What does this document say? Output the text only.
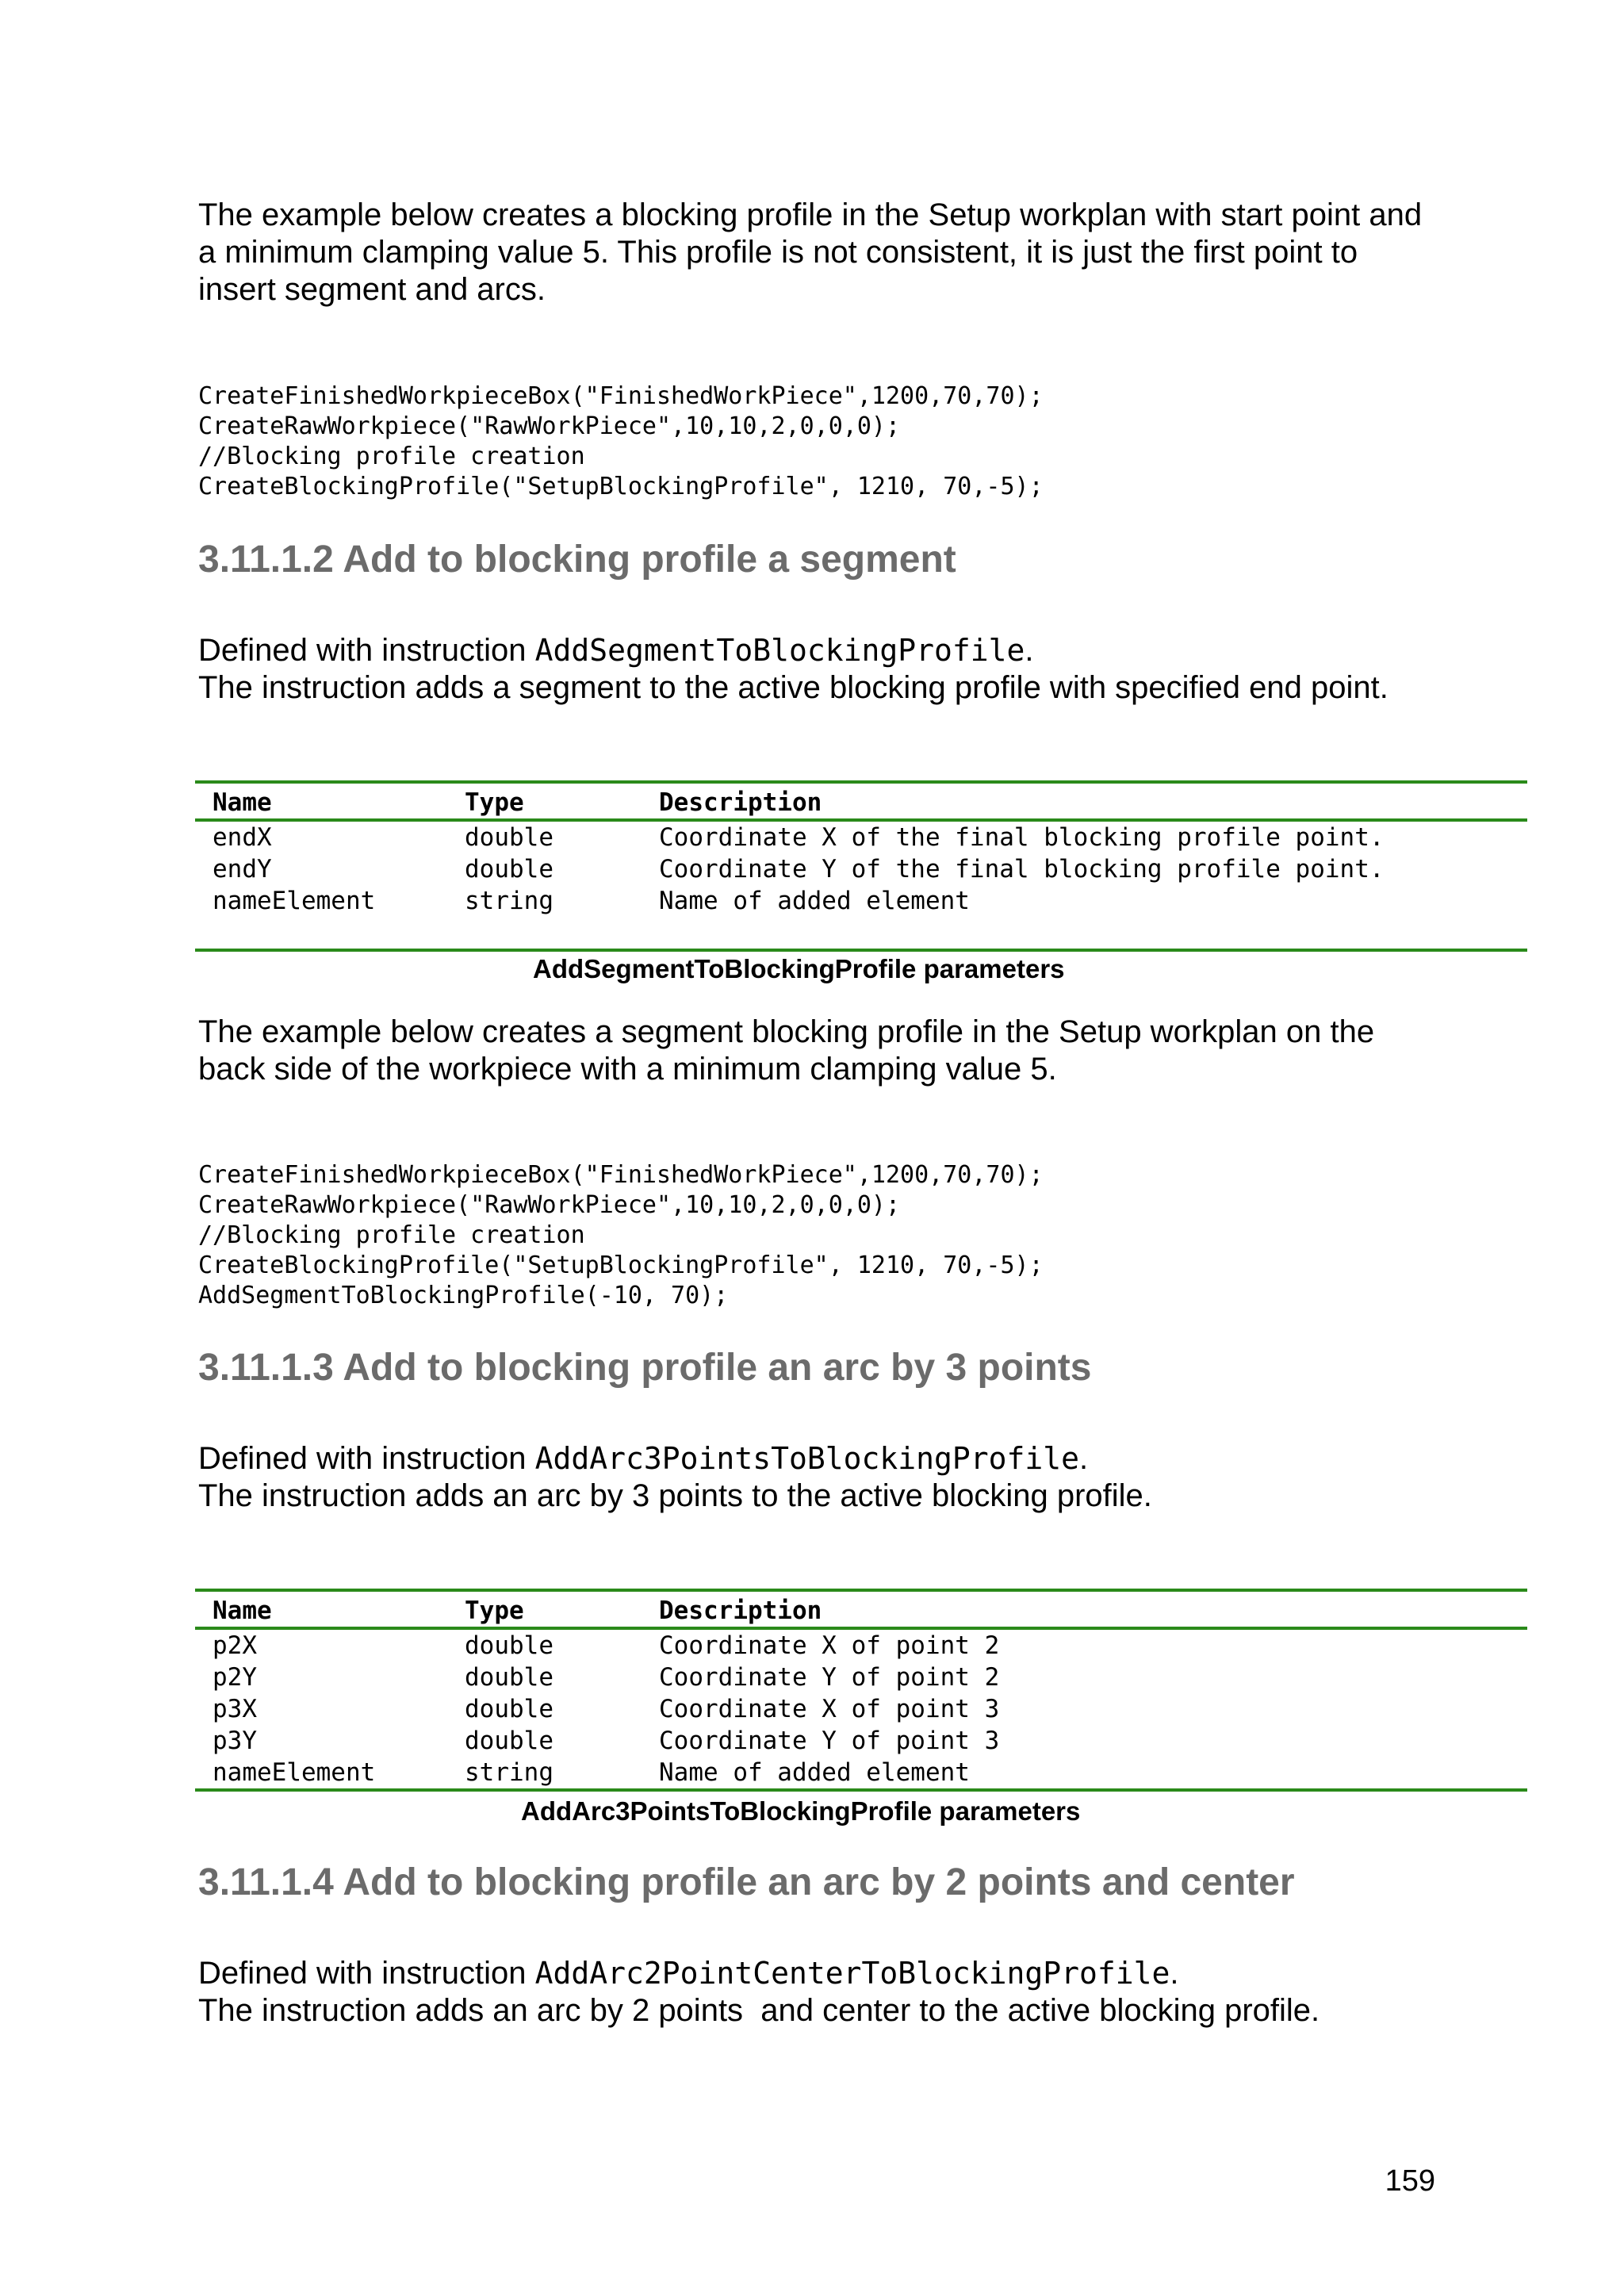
The example below creates a blocking profile in the Setup workplan with start point and a minimum clamping value 5. This profile is not consistent, it is just the first point to insert segment and arcs.

CreateFinishedWorkpieceBox("FinishedWorkPiece",1200,70,70);
CreateRawWorkpiece("RawWorkPiece",10,10,2,0,0,0);
//Blocking profile creation
CreateBlockingProfile("SetupBlockingProfile", 1210, 70,-5);
3.11.1.2 Add to blocking profile a segment

Defined with instruction AddSegmentToBlockingProfile.

The instruction adds a segment to the active blocking profile with specified end point.

Name	Type	Description
endX	double	Coordinate X of the final blocking profile point.
endY	double	Coordinate Y of the final blocking profile point.
nameElement	string	Name of added element
AddSegmentToBlockingProfile parameters

The example below creates a segment blocking profile in the Setup workplan on the back side of the workpiece with a minimum clamping value 5.

CreateFinishedWorkpieceBox("FinishedWorkPiece",1200,70,70);
CreateRawWorkpiece("RawWorkPiece",10,10,2,0,0,0);
//Blocking profile creation
CreateBlockingProfile("SetupBlockingProfile", 1210, 70,-5);
AddSegmentToBlockingProfile(-10, 70);
3.11.1.3 Add to blocking profile an arc by 3 points

Defined with instruction AddArc3PointsToBlockingProfile.

The instruction adds an arc by 3 points to the active blocking profile.

Name	Type	Description
p2X	double	Coordinate X of point 2
p2Y	double	Coordinate Y of point 2
p3X	double	Coordinate X of point 3
p3Y	double	Coordinate Y of point 3
nameElement	string	Name of added element
AddArc3PointsToBlockingProfile parameters
3.11.1.4 Add to blocking profile an arc by 2 points and center

Defined with instruction AddArc2PointCenterToBlockingProfile.

The instruction adds an arc by 2 points  and center to the active blocking profile.

159
